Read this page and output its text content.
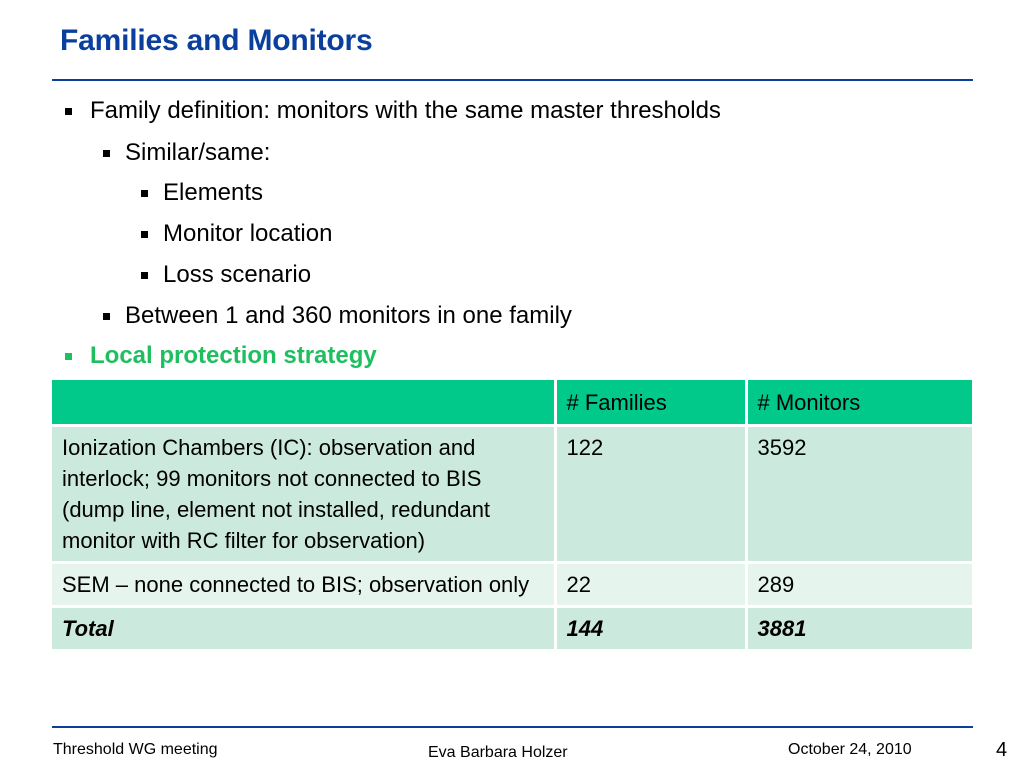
Families and Monitors
Family definition: monitors with the same master thresholds
Similar/same:
Elements
Monitor location
Loss scenario
Between 1 and 360 monitors in one family
Local protection strategy
	# Families	# Monitors
Ionization Chambers (IC): observation and interlock; 99 monitors not connected to BIS (dump line, element not installed, redundant monitor with RC filter for observation)	122	3592
SEM – none connected to BIS; observation only	22	289
Total	144	3881
Threshold WG meeting	Eva Barbara Holzer	October 24, 2010	4
